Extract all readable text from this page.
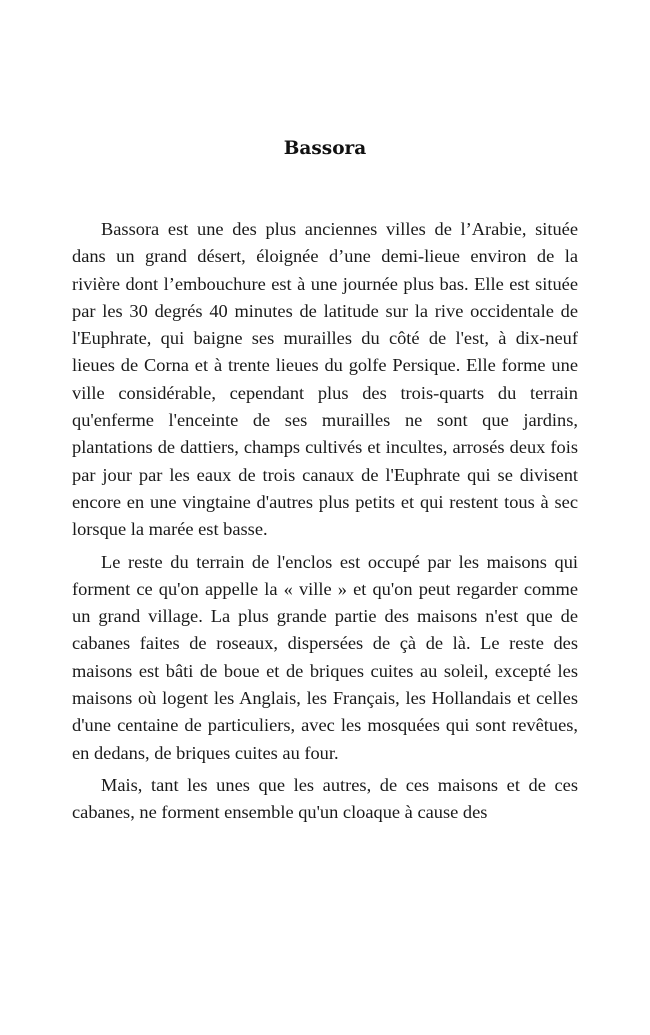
Bassora

Bassora est une des plus anciennes villes de l’Arabie, située dans un grand désert, éloignée d’une demi-lieue environ de la rivière dont l’embouchure est à une journée plus bas. Elle est située par les 30 degrés 40 minutes de latitude sur la rive occidentale de l'Euphrate, qui baigne ses murailles du côté de l'est, à dix-neuf lieues de Corna et à trente lieues du golfe Persique. Elle forme une ville considérable, cependant plus des trois-quarts du terrain qu'enferme l'enceinte de ses murailles ne sont que jardins, plantations de dattiers, champs cultivés et incultes, arrosés deux fois par jour par les eaux de trois canaux de l'Euphrate qui se divisent encore en une vingtaine d'autres plus petits et qui restent tous à sec lorsque la marée est basse.

Le reste du terrain de l'enclos est occupé par les maisons qui forment ce qu'on appelle la « ville » et qu'on peut regarder comme un grand village. La plus grande partie des maisons n'est que de cabanes faites de roseaux, dispersées de çà de là. Le reste des maisons est bâti de boue et de briques cuites au soleil, excepté les maisons où logent les Anglais, les Français, les Hollandais et celles d'une centaine de particuliers, avec les mosquées qui sont revêtues, en dedans, de briques cuites au four.

Mais, tant les unes que les autres, de ces maisons et de ces cabanes, ne forment ensemble qu'un cloaque à cause des
